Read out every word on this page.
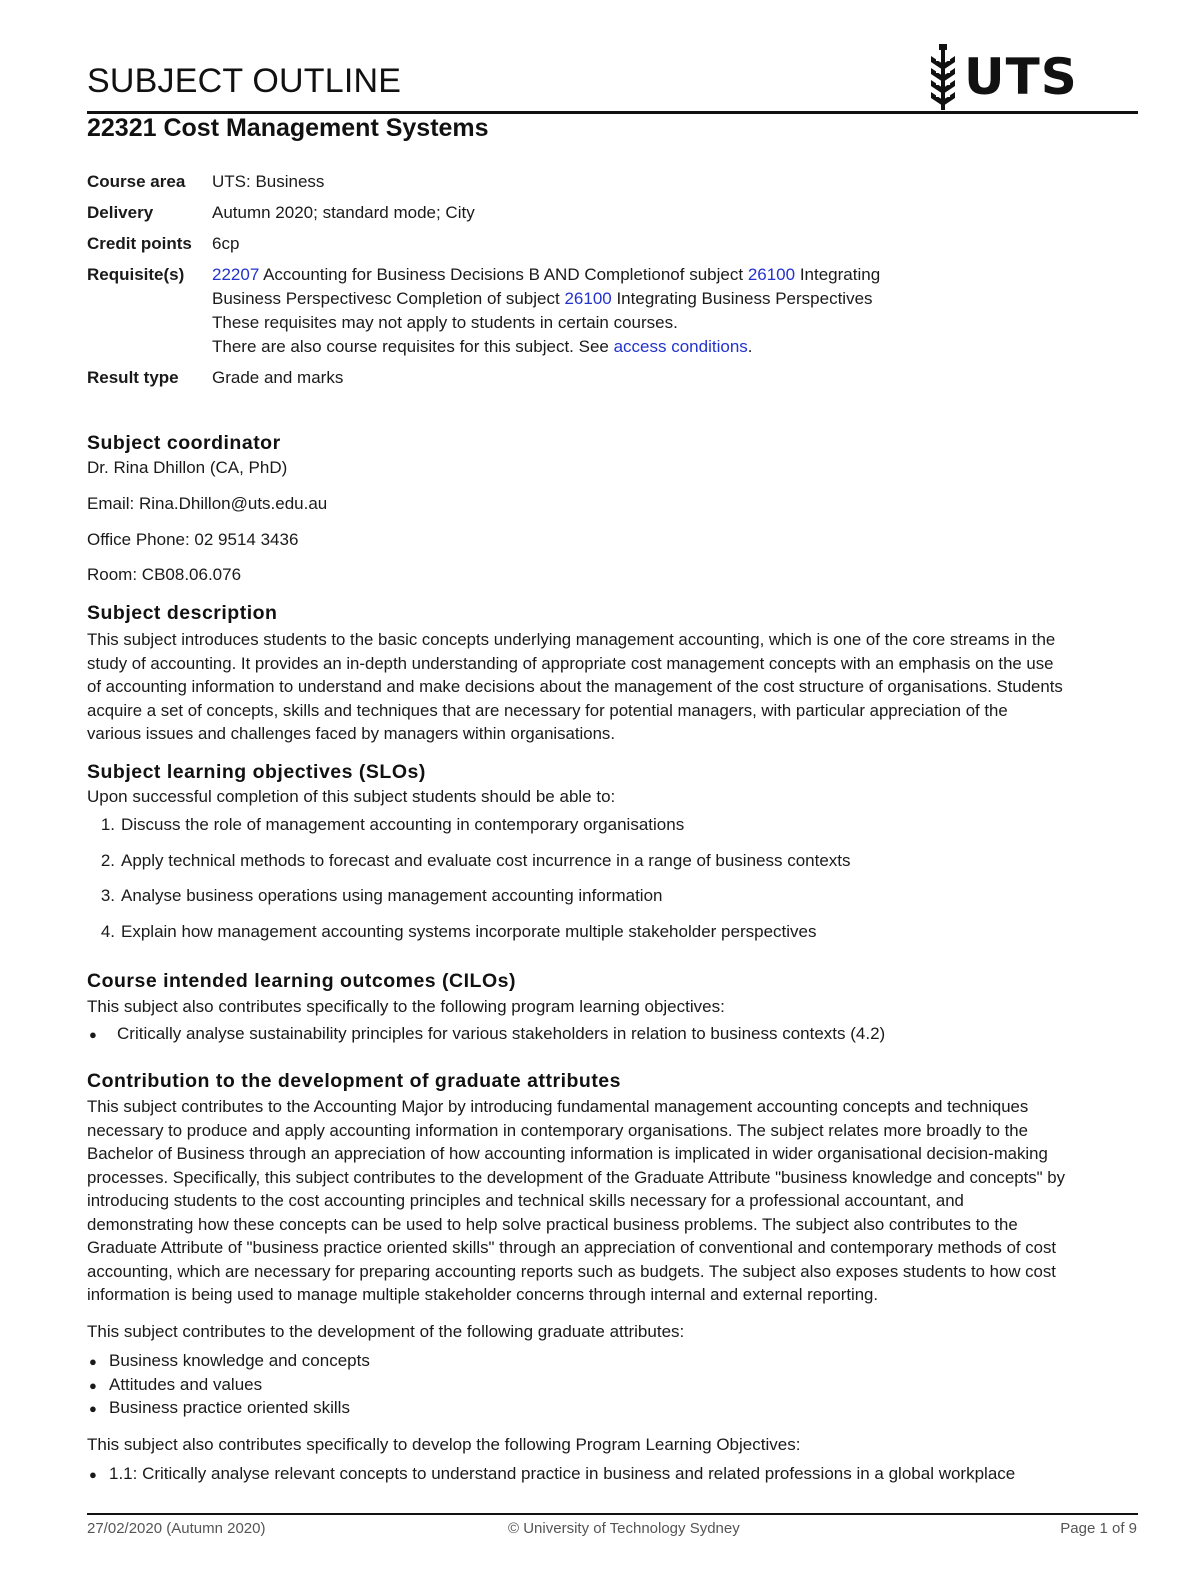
SUBJECT OUTLINE	UTS
22321 Cost Management Systems
Course area	UTS: Business
Delivery	Autumn 2020; standard mode; City
Credit points	6cp
Requisite(s)	22207 Accounting for Business Decisions B AND Completionof subject 26100 Integrating
Business Perspectivesc Completion of subject 26100 Integrating Business Perspectives
These requisites may not apply to students in certain courses.
There are also course requisites for this subject. See access conditions.
Result type	Grade and marks
Subject coordinator

Dr. Rina Dhillon (CA, PhD)

Email: Rina.Dhillon@uts.edu.au

Office Phone: 02 9514 3436

Room: CB08.06.076

Subject description
This subject introduces students to the basic concepts underlying management accounting, which is one of the core streams in the
study of accounting. It provides an in-depth understanding of appropriate cost management concepts with an emphasis on the use
of accounting information to understand and make decisions about the management of the cost structure of organisations. Students
acquire a set of concepts, skills and techniques that are necessary for potential managers, with particular appreciation of the
various issues and challenges faced by managers within organisations.
Subject learning objectives (SLOs)

Upon successful completion of this subject students should be able to:

1. Discuss the role of management accounting in contemporary organisations
2. Apply technical methods to forecast and evaluate cost incurrence in a range of business contexts
3. Analyse business operations using management accounting information
4. Explain how management accounting systems incorporate multiple stakeholder perspectives
Course intended learning outcomes (CILOs)

This subject also contributes specifically to the following program learning objectives:

●	Critically analyse sustainability principles for various stakeholders in relation to business contexts (4.2)
Contribution to the development of graduate attributes
This subject contributes to the Accounting Major by introducing fundamental management accounting concepts and techniques
necessary to produce and apply accounting information in contemporary organisations. The subject relates more broadly to the
Bachelor of Business through an appreciation of how accounting information is implicated in wider organisational decision-making
processes. Specifically, this subject contributes to the development of the Graduate Attribute "business knowledge and concepts" by
introducing students to the cost accounting principles and technical skills necessary for a professional accountant, and
demonstrating how these concepts can be used to help solve practical business problems. The subject also contributes to the
Graduate Attribute of "business practice oriented skills" through an appreciation of conventional and contemporary methods of cost
accounting, which are necessary for preparing accounting reports such as budgets. The subject also exposes students to how cost
information is being used to manage multiple stakeholder concerns through internal and external reporting.

This subject contributes to the development of the following graduate attributes:

● Business knowledge and concepts
● Attitudes and values
● Business practice oriented skills

This subject also contributes specifically to develop the following Program Learning Objectives:

● 1.1: Critically analyse relevant concepts to understand practice in business and related professions in a global workplace
27/02/2020 (Autumn 2020)	© University of Technology Sydney	Page 1 of 9
